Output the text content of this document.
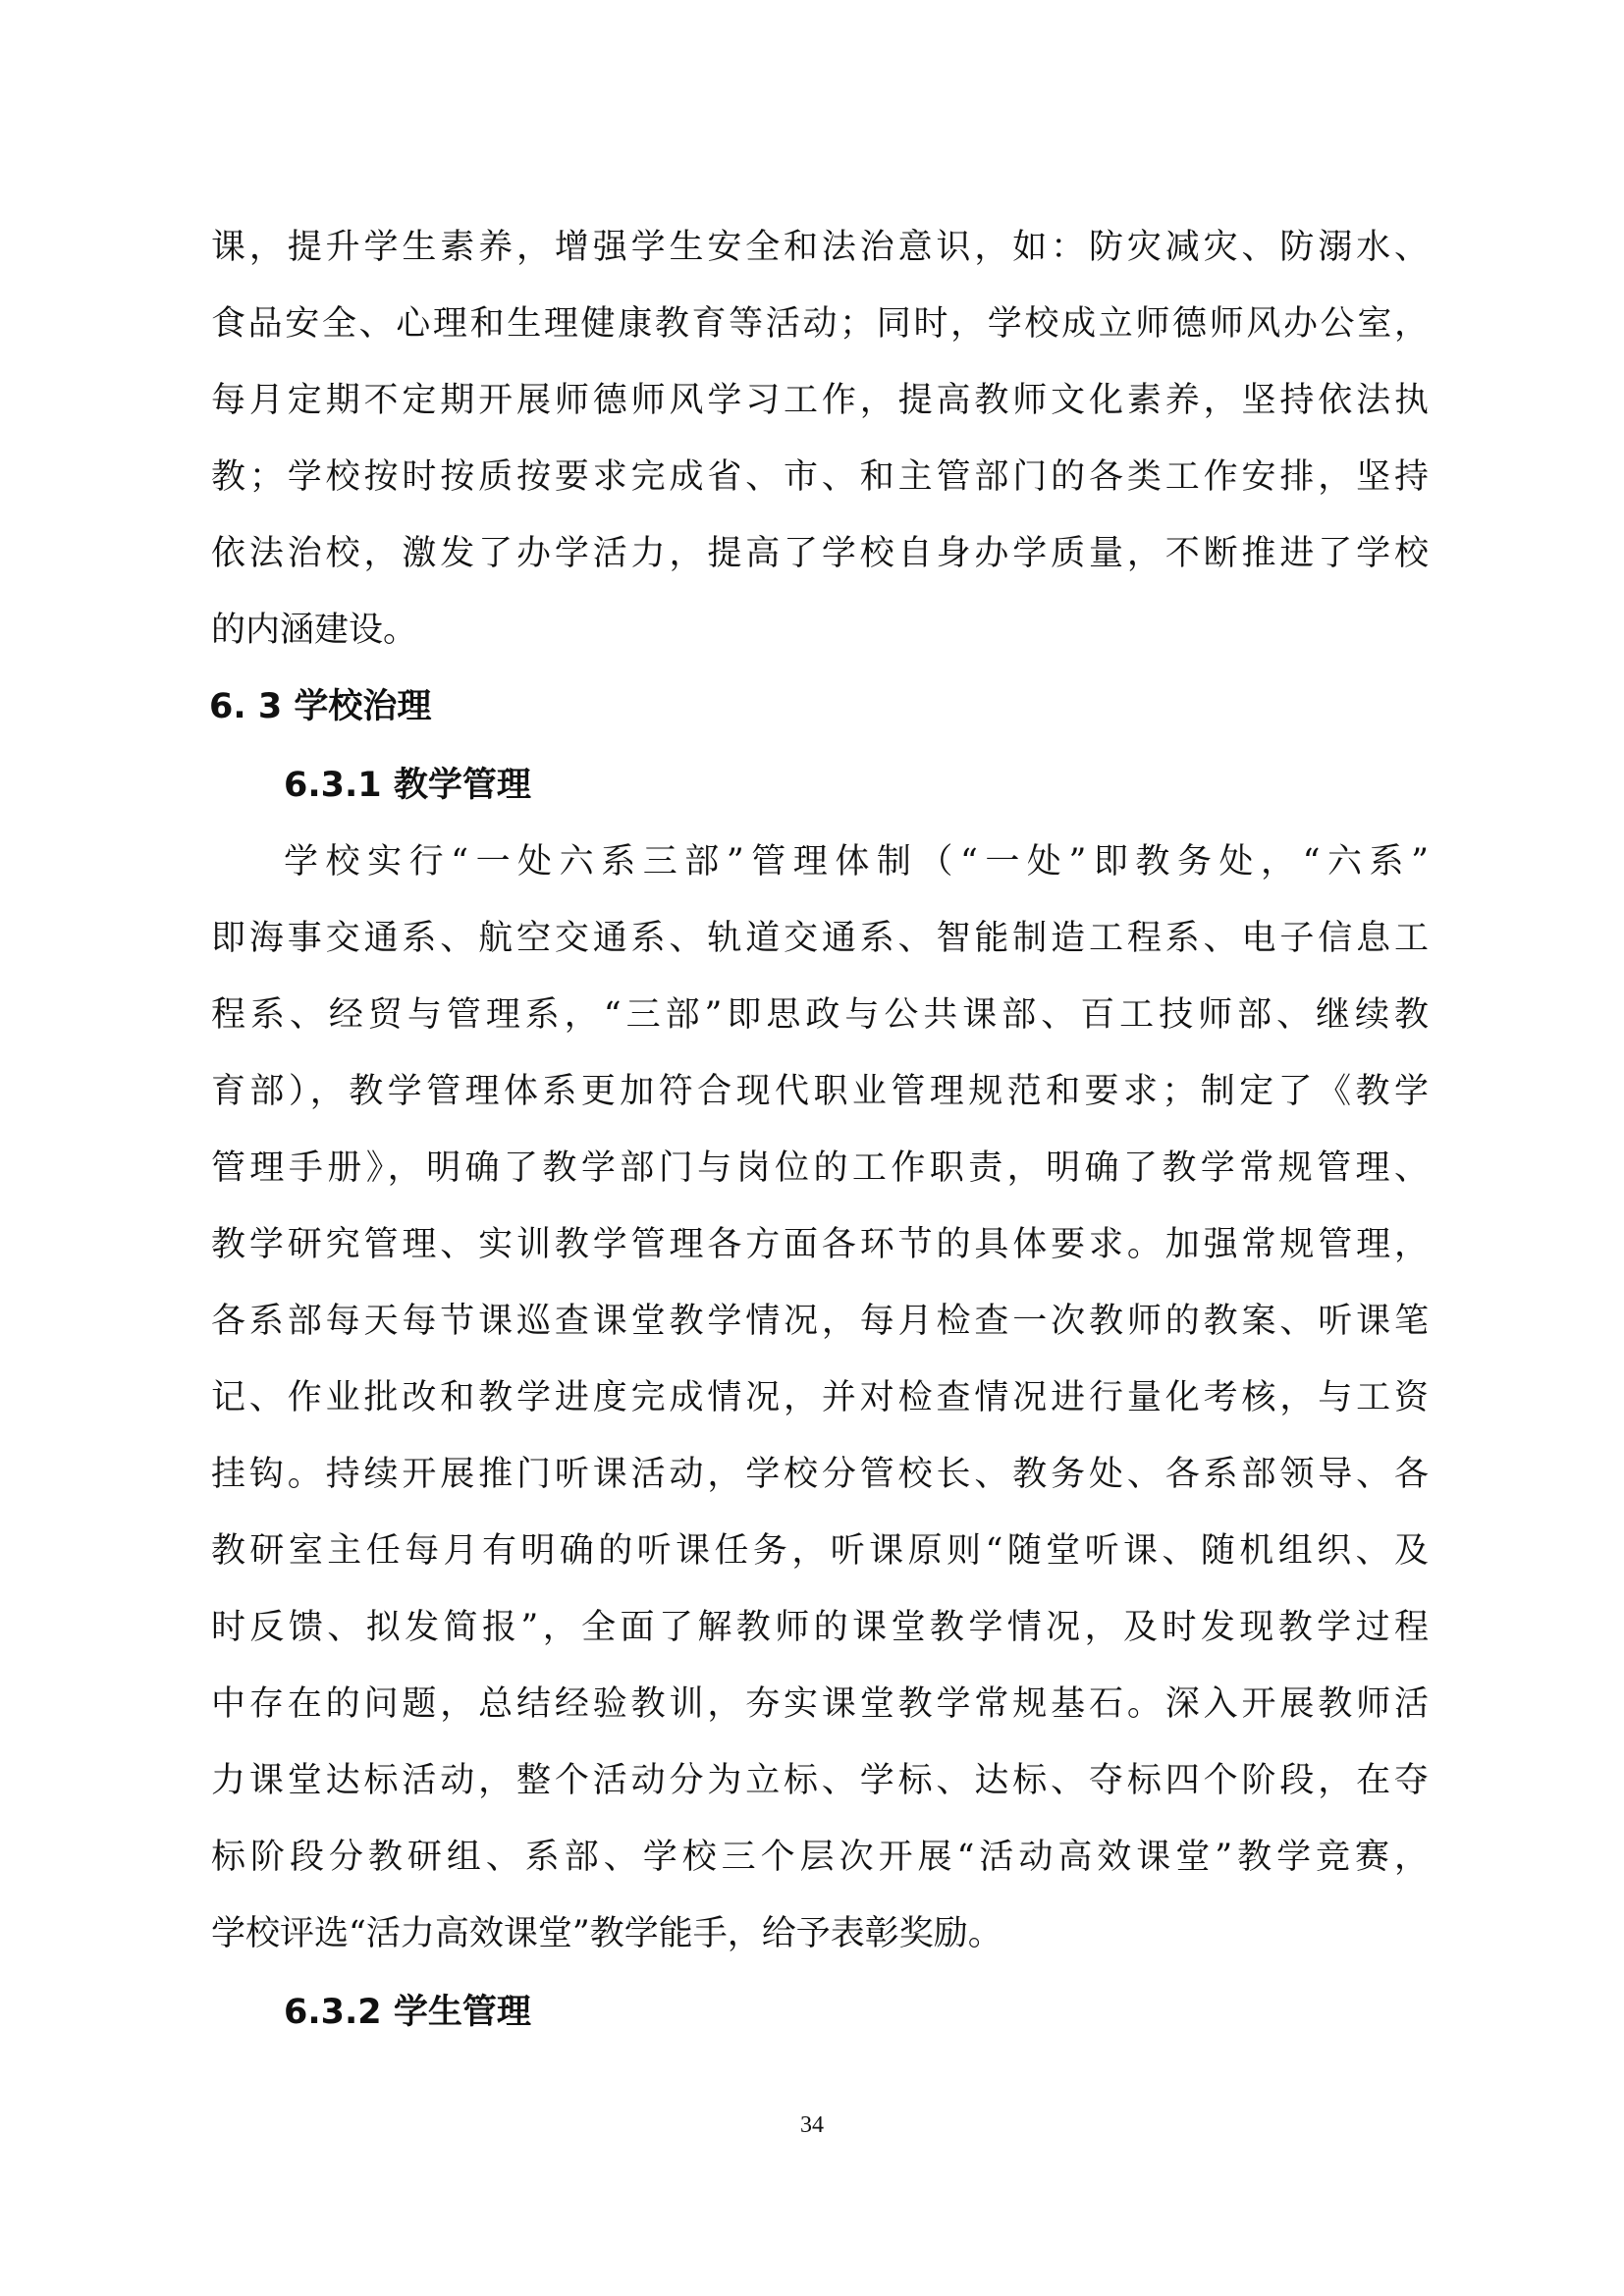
课，提升学生素养，增强学生安全和法治意识，如：防灾减灾、防溺水、
食品安全、心理和生理健康教育等活动；同时，学校成立师德师风办公室，
每月定期不定期开展师德师风学习工作，提高教师文化素养，坚持依法执
教；学校按时按质按要求完成省、市、和主管部门的各类工作安排，坚持
依法治校，激发了办学活力，提高了学校自身办学质量，不断推进了学校
的内涵建设。
6. 3 学校治理
6.3.1 教学管理
学校实行“一处六系三部”管理体制（“一处”即教务处，“六系”
即海事交通系、航空交通系、轨道交通系、智能制造工程系、电子信息工
程系、经贸与管理系，“三部”即思政与公共课部、百工技师部、继续教
育部），教学管理体系更加符合现代职业管理规范和要求；制定了《教学
管理手册》，明确了教学部门与岗位的工作职责，明确了教学常规管理、
教学研究管理、实训教学管理各方面各环节的具体要求。加强常规管理，
各系部每天每节课巡查课堂教学情况，每月检查一次教师的教案、听课笔
记、作业批改和教学进度完成情况，并对检查情况进行量化考核，与工资
挂钩。持续开展推门听课活动，学校分管校长、教务处、各系部领导、各
教研室主任每月有明确的听课任务，听课原则“随堂听课、随机组织、及
时反馈、拟发简报”，全面了解教师的课堂教学情况，及时发现教学过程
中存在的问题，总结经验教训，夯实课堂教学常规基石。深入开展教师活
力课堂达标活动，整个活动分为立标、学标、达标、夺标四个阶段，在夺
标阶段分教研组、系部、学校三个层次开展“活动高效课堂”教学竞赛，
学校评选“活力高效课堂”教学能手，给予表彰奖励。
6.3.2 学生管理
34
